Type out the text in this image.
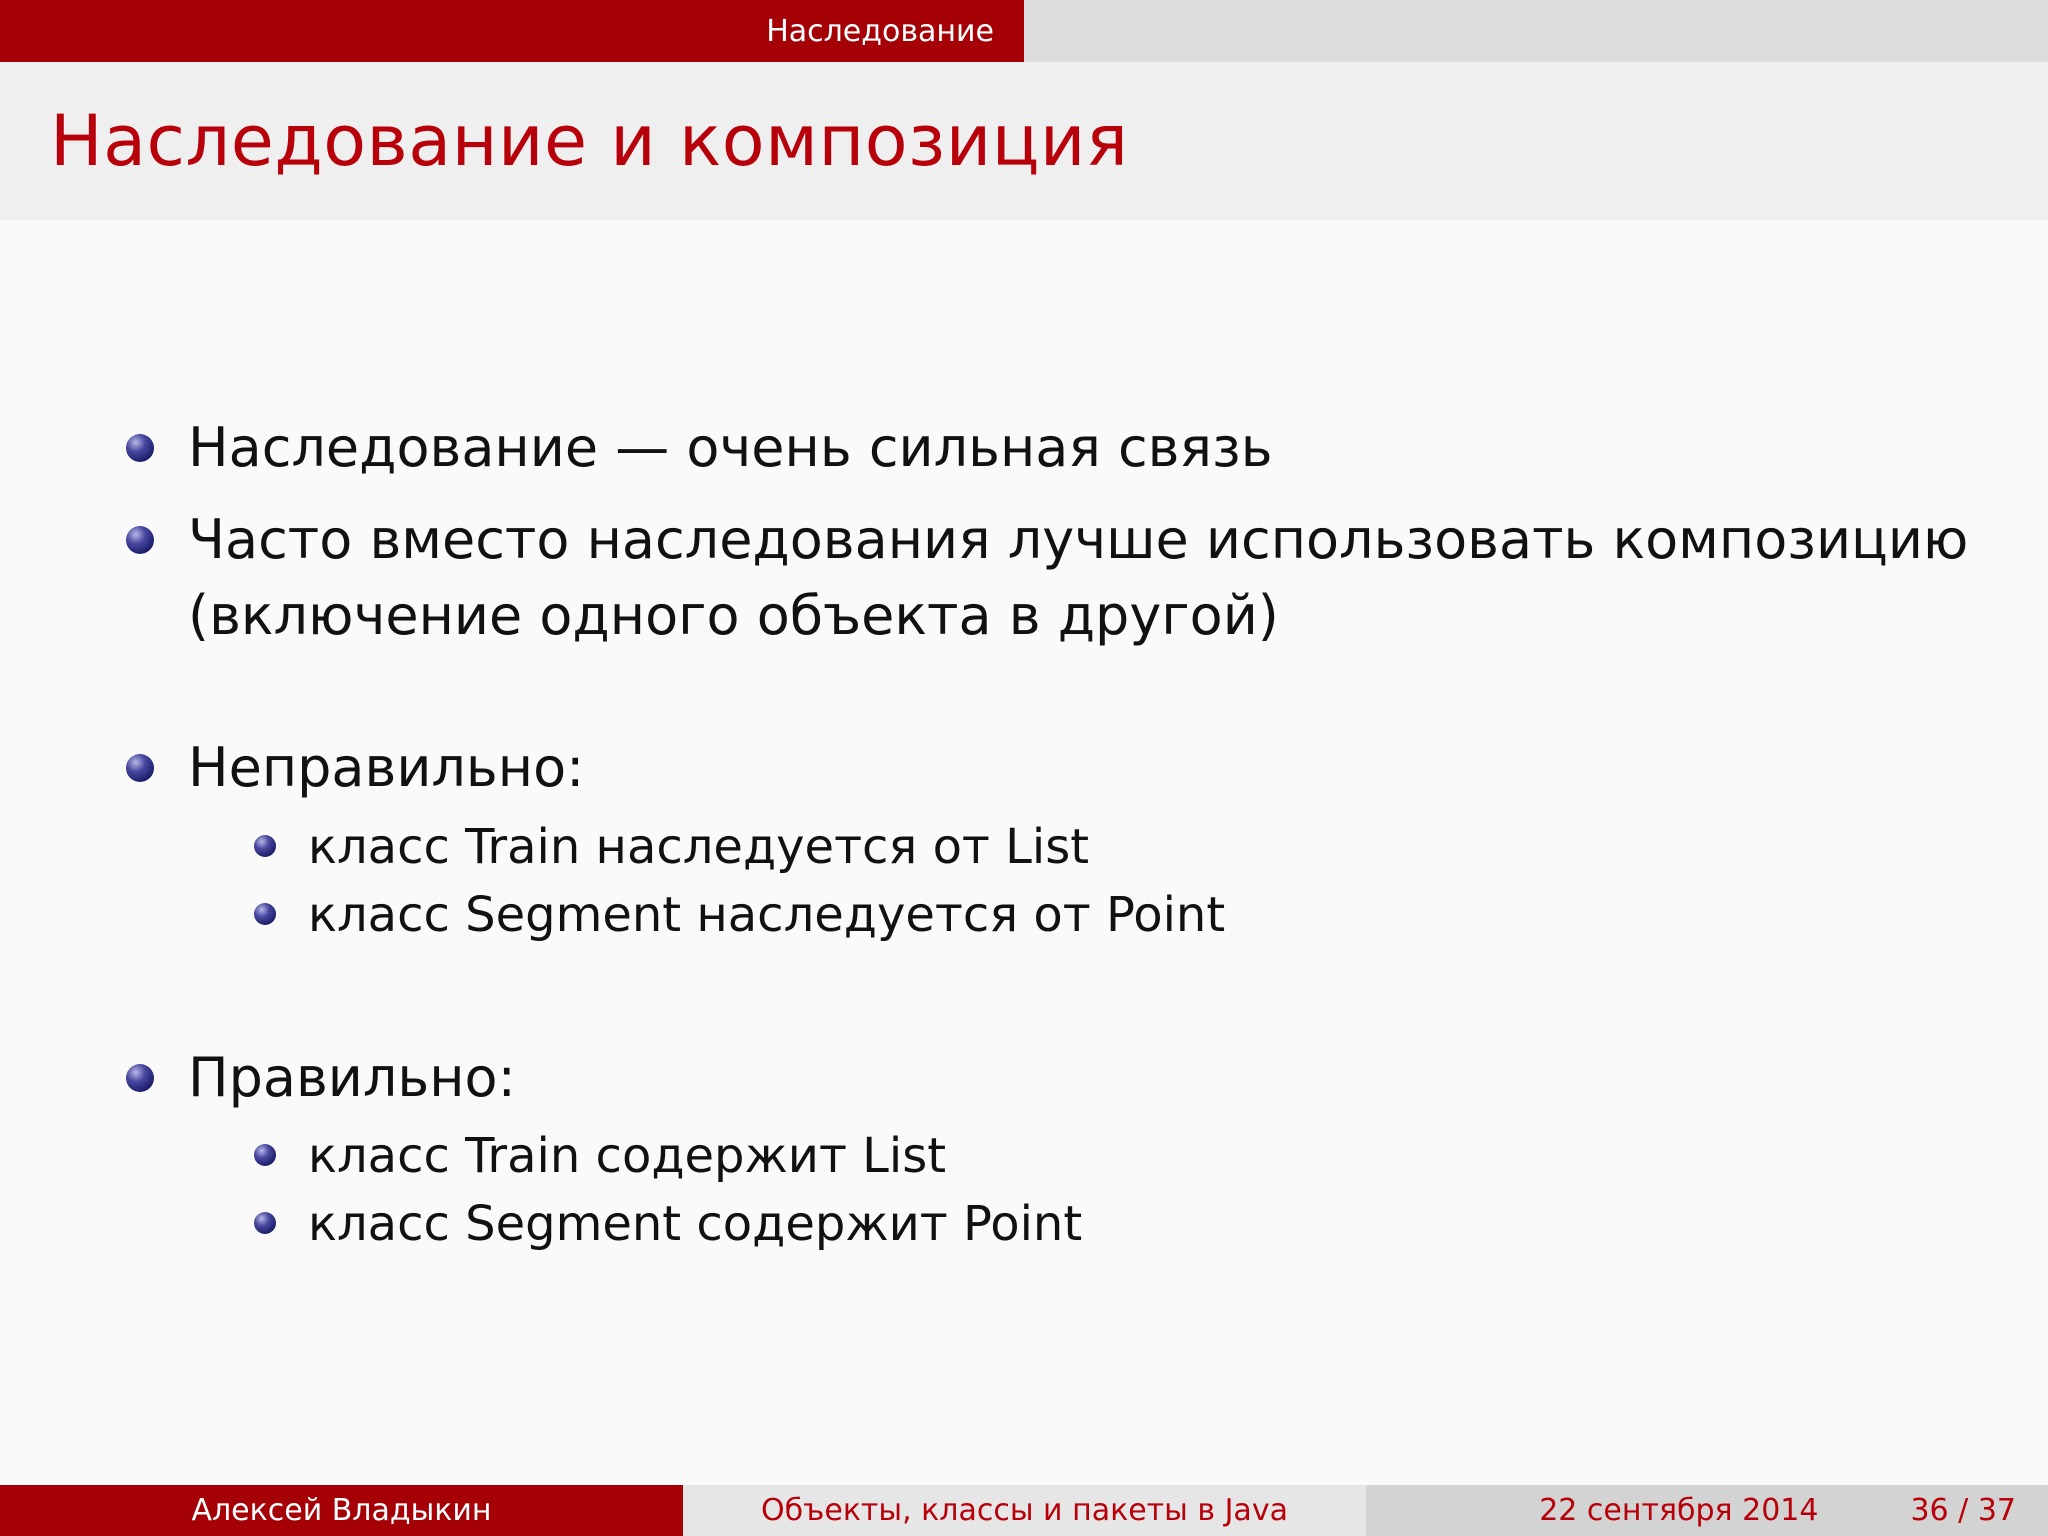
Наследование
Наследование и композиция
Наследование — очень сильная связь
Часто вместо наследования лучше использовать композицию
(включение одного объекта в другой)
Неправильно:
класс Train наследуется от List
класс Segment наследуется от Point
Правильно:
класс Train содержит List
класс Segment содержит Point
Алексей Владыкин	Объекты, классы и пакеты в Java	22 сентября 2014	36 / 37
